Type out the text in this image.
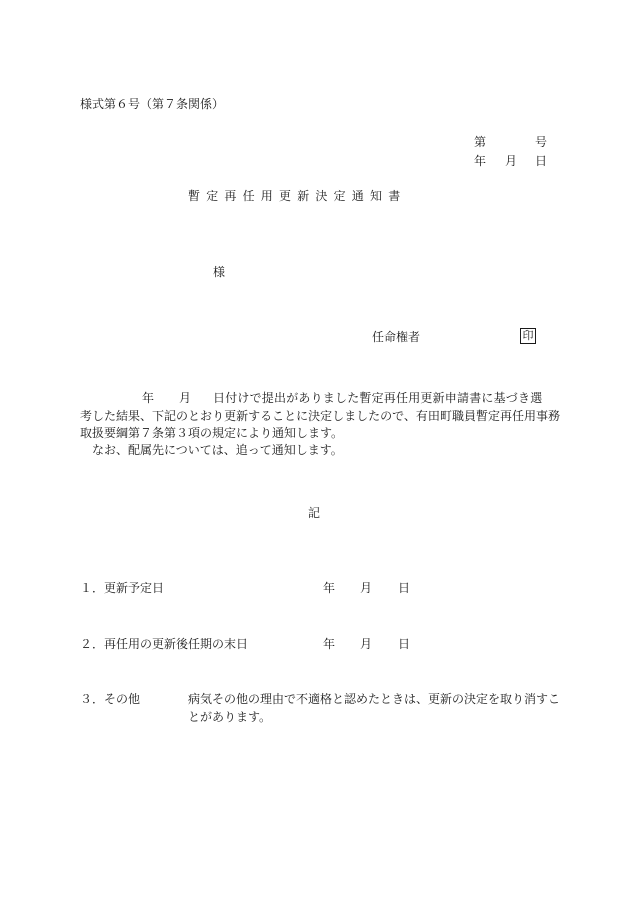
様式第６号（第７条関係）
第	号
年 月 日
暫定再任用更新決定通知書
様
任命権者	印
年 月 日付けで提出がありました暫定再任用更新申請書に基づき選

考した結果、下記のとおり更新することに決定しましたので、有田町職員暫定再任用事務取扱要綱第７条第３項の規定により通知します。

なお、配属先については、追って通知します。

記
１．更新予定日	年 月 日
２．再任用の更新後任期の末日	年 月 日
３．その他	病気その他の理由で不適格と認めたときは、更新の決定を取り消すことがあります。
